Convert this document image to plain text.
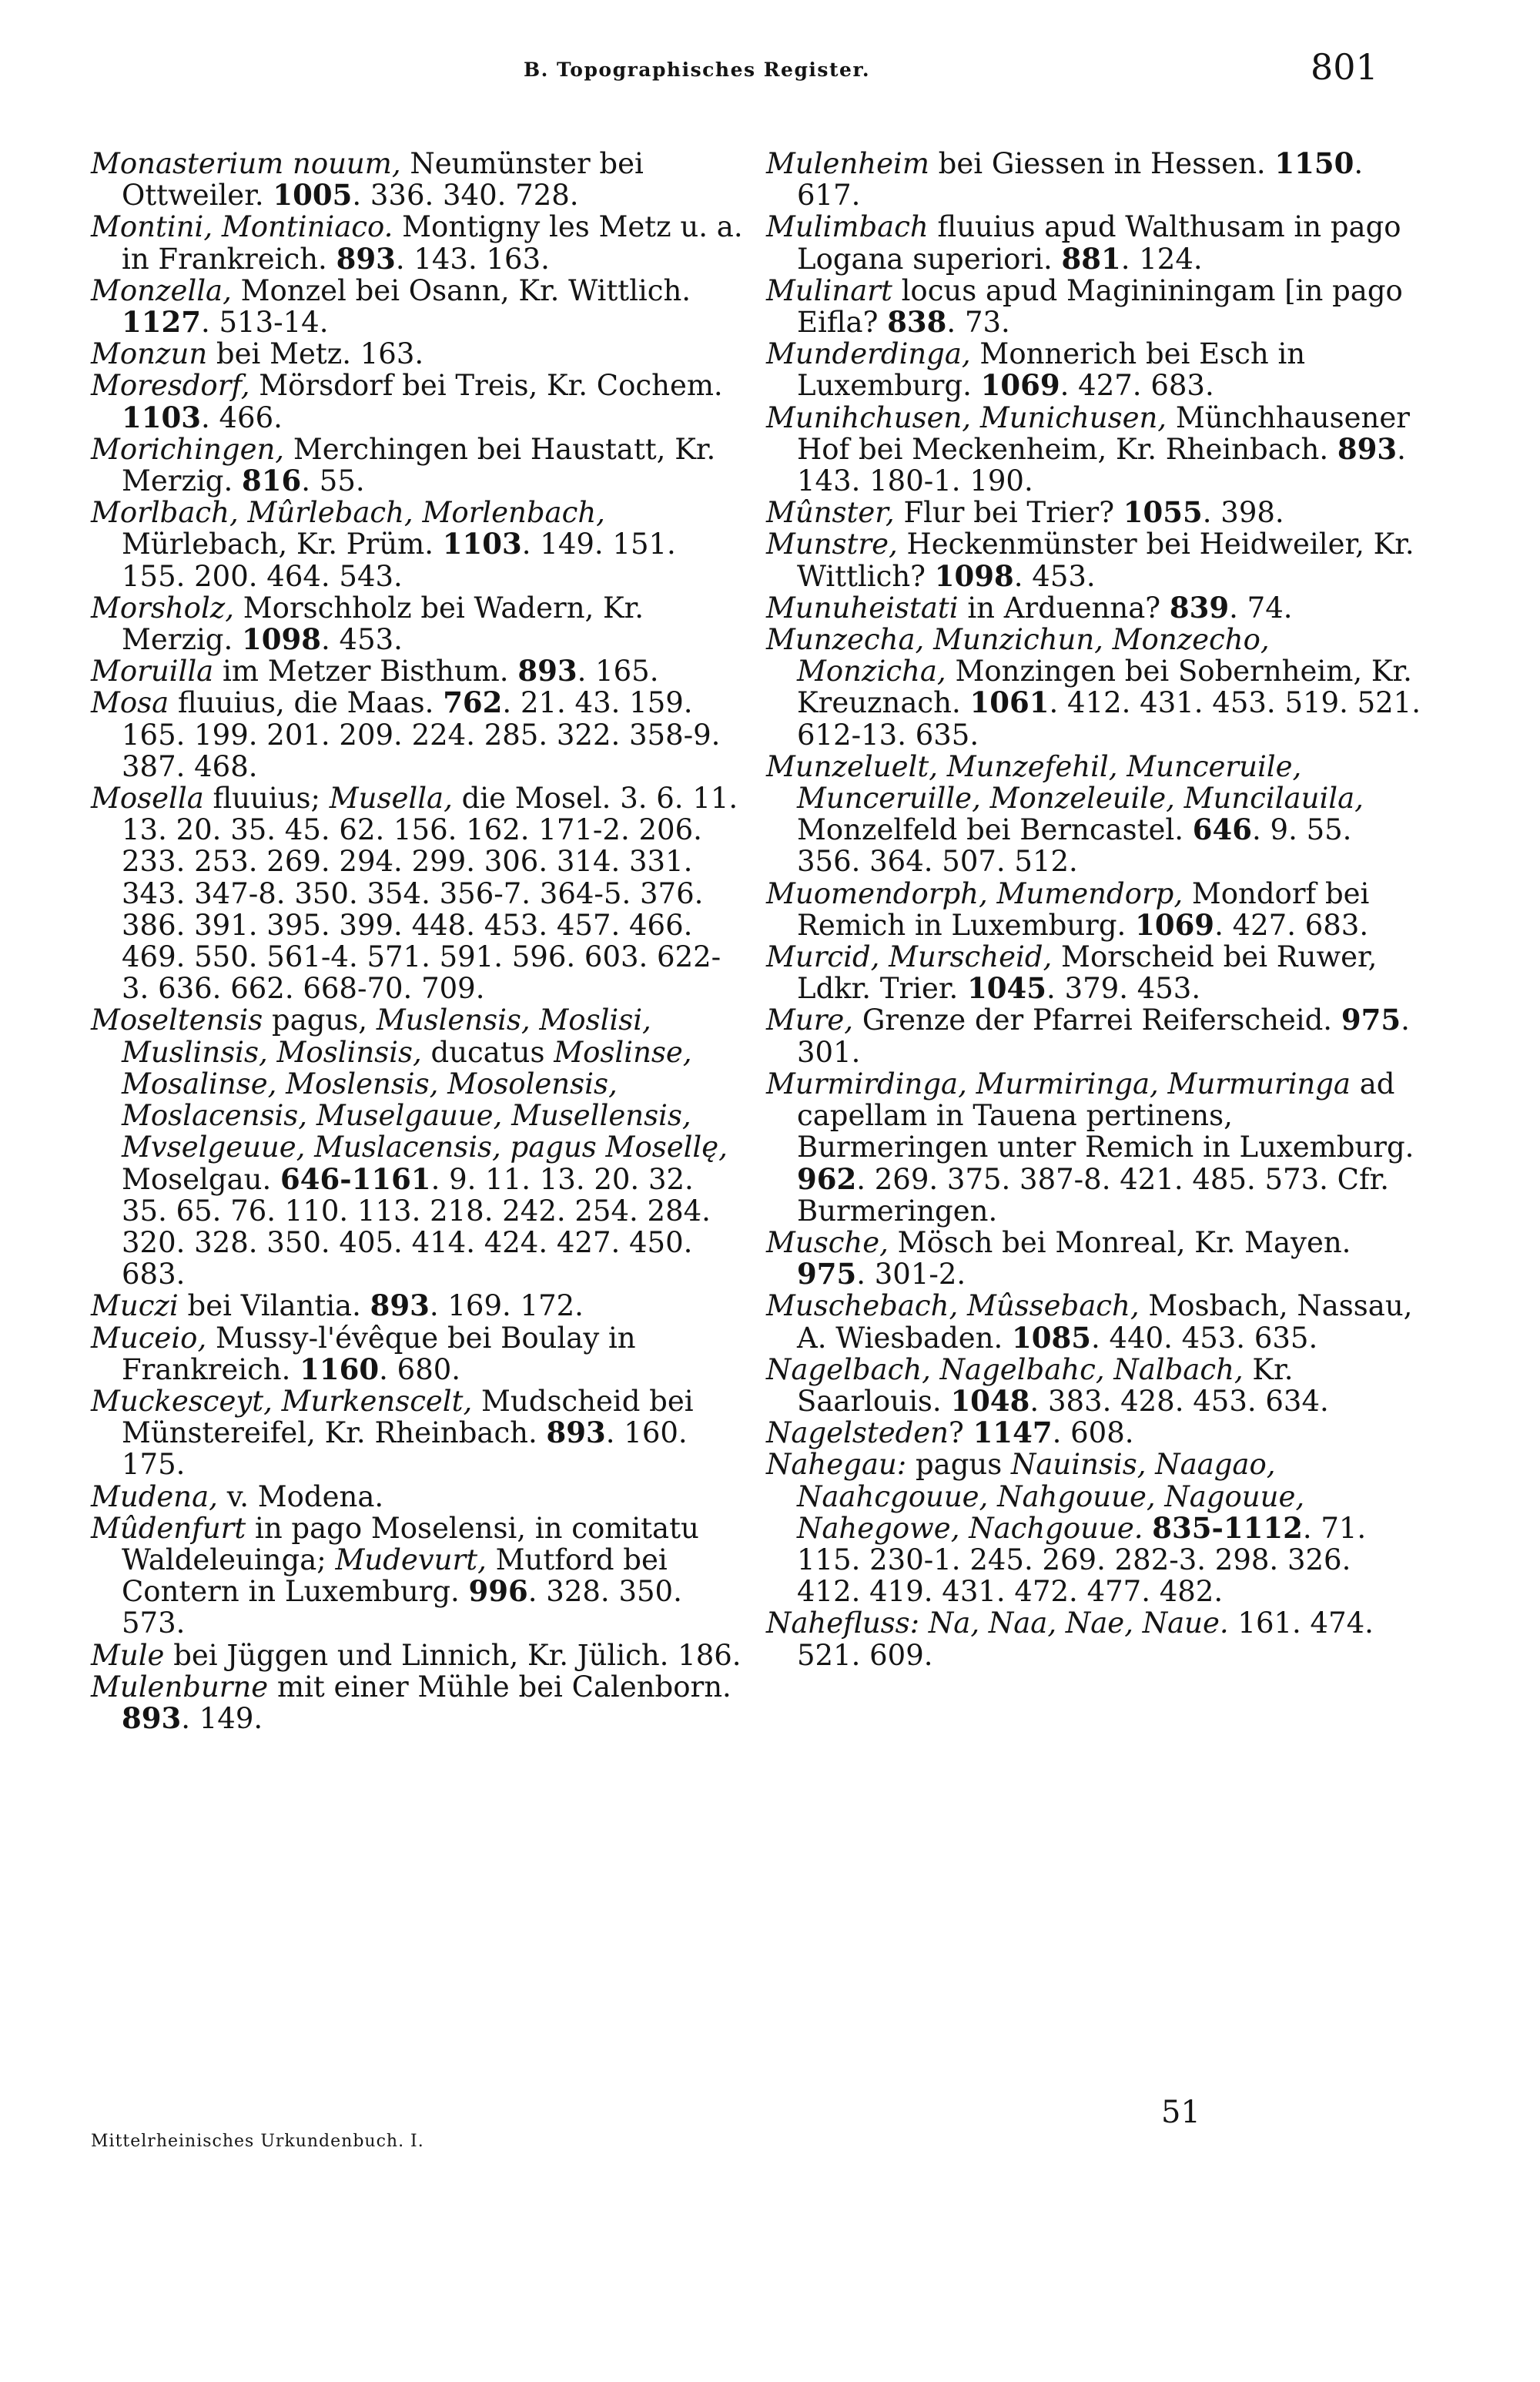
B. Topographisches Register.	801

Monasterium nouum, Neumünster bei Ottweiler. 1005. 336. 340. 728.

Montini, Montiniaco. Montigny les Metz u. a. in Frankreich. 893. 143. 163.

Monzella, Monzel bei Osann, Kr. Wittlich. 1127. 513-14.

Monzun bei Metz. 163.

Moresdorf, Mörsdorf bei Treis, Kr. Cochem. 1103. 466.

Morichingen, Merchingen bei Haustatt, Kr. Merzig. 816. 55.

Morlbach, Mûrlebach, Morlenbach, Mürlebach, Kr. Prüm. 1103. 149. 151. 155. 200. 464. 543.

Morsholz, Morschholz bei Wadern, Kr. Merzig. 1098. 453.

Moruilla im Metzer Bisthum. 893. 165.

Mosa fluuius, die Maas. 762. 21. 43. 159. 165. 199. 201. 209. 224. 285. 322. 358-9. 387. 468.

Mosella fluuius; Musella, die Mosel. 3. 6. 11. 13. 20. 35. 45. 62. 156. 162. 171-2. 206. 233. 253. 269. 294. 299. 306. 314. 331. 343. 347-8. 350. 354. 356-7. 364-5. 376. 386. 391. 395. 399. 448. 453. 457. 466. 469. 550. 561-4. 571. 591. 596. 603. 622-3. 636. 662. 668-70. 709.

Moseltensis pagus, Muslensis, Moslisi, Muslinsis, Moslinsis, ducatus Moslinse, Mosalinse, Moslensis, Mosolensis, Moslacensis, Muselgauue, Musellensis, Mvselgeuue, Muslacensis, pagus Mosellę, Moselgau. 646-1161. 9. 11. 13. 20. 32. 35. 65. 76. 110. 113. 218. 242. 254. 284. 320. 328. 350. 405. 414. 424. 427. 450. 683.

Muczi bei Vilantia. 893. 169. 172.

Muceio, Mussy-l'évêque bei Boulay in Frankreich. 1160. 680.

Muckesceyt, Murkenscelt, Mudscheid bei Münstereifel, Kr. Rheinbach. 893. 160. 175.

Mudena, v. Modena.

Mûdenfurt in pago Moselensi, in comitatu Waldeleuinga; Mudevurt, Mutford bei Contern in Luxemburg. 996. 328. 350. 573.

Mule bei Jüggen und Linnich, Kr. Jülich. 186.

Mulenburne mit einer Mühle bei Calenborn. 893. 149.

Mulenheim bei Giessen in Hessen. 1150. 617.

Mulimbach fluuius apud Walthusam in pago Logana superiori. 881. 124.

Mulinart locus apud Magininingam [in pago Eifla? 838. 73.

Munderdinga, Monnerich bei Esch in Luxemburg. 1069. 427. 683.

Munihchusen, Munichusen, Münchhausener Hof bei Meckenheim, Kr. Rheinbach. 893. 143. 180-1. 190.

Mûnster, Flur bei Trier? 1055. 398.

Munstre, Heckenmünster bei Heidweiler, Kr. Wittlich? 1098. 453.

Munuheistati in Arduenna? 839. 74.

Munzecha, Munzichun, Monzecho, Monzicha, Monzingen bei Sobernheim, Kr. Kreuznach. 1061. 412. 431. 453. 519. 521. 612-13. 635.

Munzeluelt, Munzefehil, Munceruile, Munceruille, Monzeleuile, Muncilauila, Monzelfeld bei Berncastel. 646. 9. 55. 356. 364. 507. 512.

Muomendorph, Mumendorp, Mondorf bei Remich in Luxemburg. 1069. 427. 683.

Murcid, Murscheid, Morscheid bei Ruwer, Ldkr. Trier. 1045. 379. 453.

Mure, Grenze der Pfarrei Reiferscheid. 975. 301.

Murmirdinga, Murmiringa, Murmuringa ad capellam in Tauena pertinens, Burmeringen unter Remich in Luxemburg. 962. 269. 375. 387-8. 421. 485. 573. Cfr. Burmeringen.

Musche, Mösch bei Monreal, Kr. Mayen. 975. 301-2.

Muschebach, Mûssebach, Mosbach, Nassau, A. Wiesbaden. 1085. 440. 453. 635.

Nagelbach, Nagelbahc, Nalbach, Kr. Saarlouis. 1048. 383. 428. 453. 634.

Nagelsteden? 1147. 608.

Nahegau: pagus Nauinsis, Naagao, Naahcgouue, Nahgouue, Nagouue, Nahegowe, Nachgouue. 835-1112. 71. 115. 230-1. 245. 269. 282-3. 298. 326. 412. 419. 431. 472. 477. 482.

Nahefluss: Na, Naa, Nae, Naue. 161. 474. 521. 609.

Mittelrheinisches Urkundenbuch. I.
51
